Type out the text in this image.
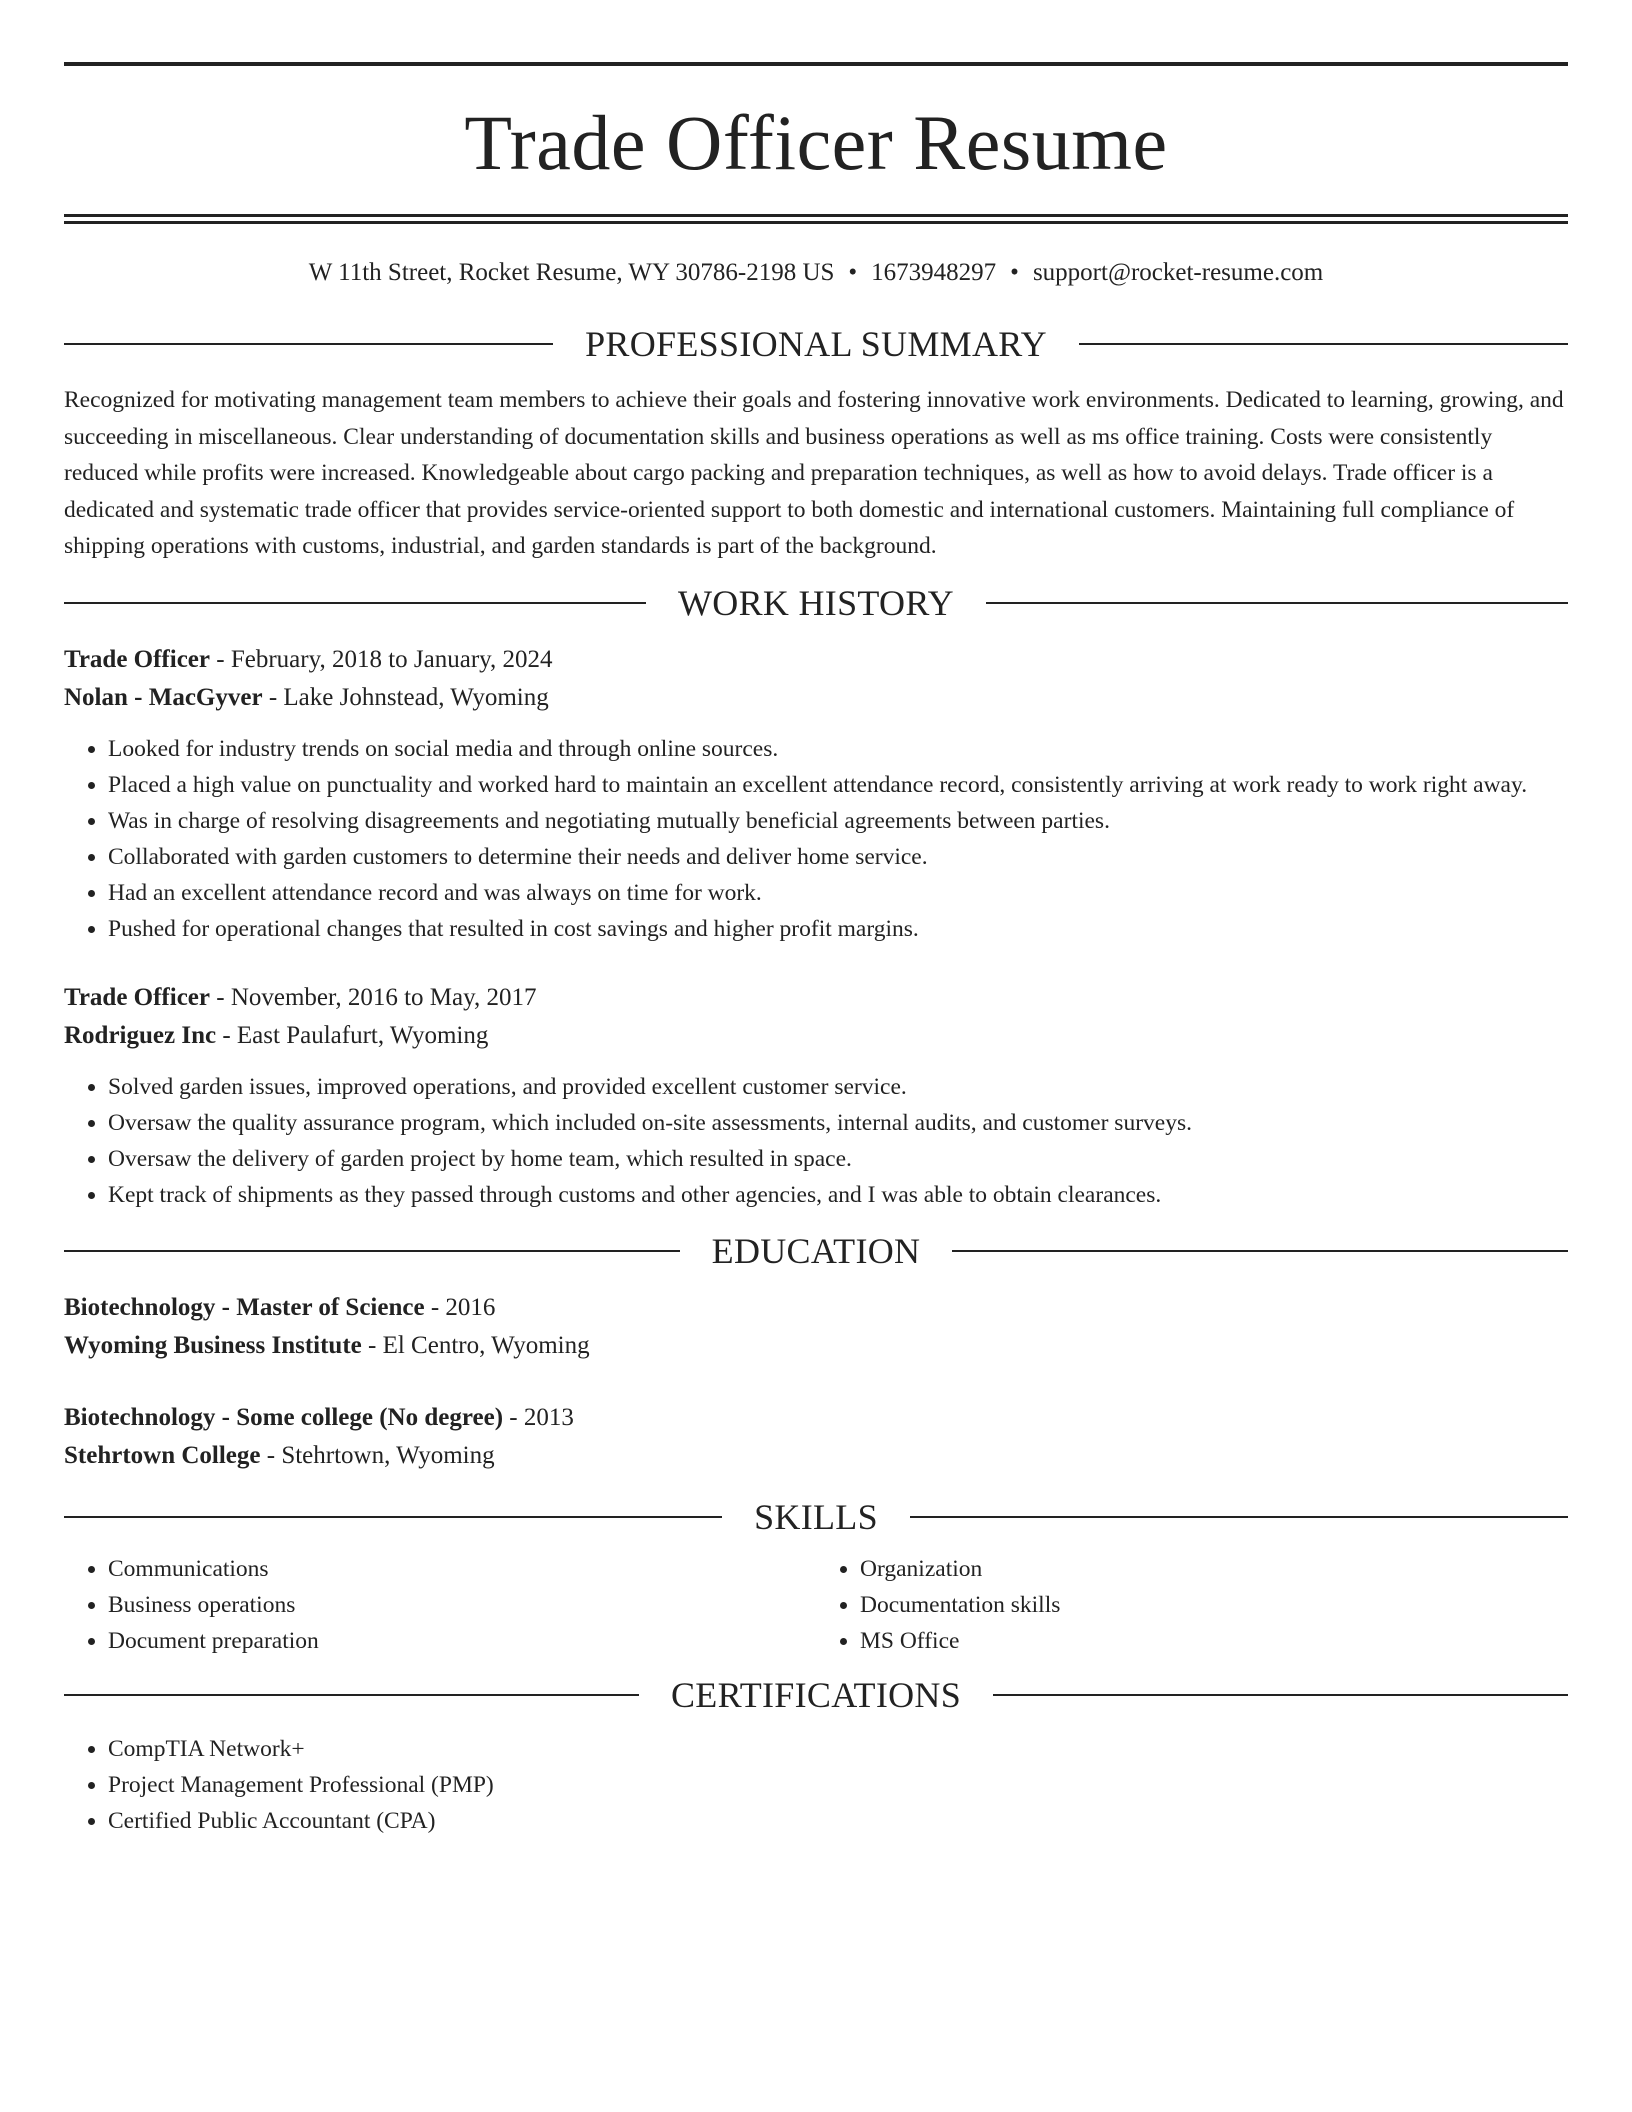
Trade Officer Resume
W 11th Street, Rocket Resume, WY 30786-2198 US • 1673948297 • support@rocket-resume.com
PROFESSIONAL SUMMARY

Recognized for motivating management team members to achieve their goals and fostering innovative work environments. Dedicated to learning, growing, and succeeding in miscellaneous. Clear understanding of documentation skills and business operations as well as ms office training. Costs were consistently reduced while profits were increased. Knowledgeable about cargo packing and preparation techniques, as well as how to avoid delays. Trade officer is a dedicated and systematic trade officer that provides service-oriented support to both domestic and international customers. Maintaining full compliance of shipping operations with customs, industrial, and garden standards is part of the background.

WORK HISTORY

Trade Officer - February, 2018 to January, 2024

Nolan - MacGyver - Lake Johnstead, Wyoming

• Looked for industry trends on social media and through online sources.
• Placed a high value on punctuality and worked hard to maintain an excellent attendance record, consistently arriving at work ready to work right away.
• Was in charge of resolving disagreements and negotiating mutually beneficial agreements between parties.
• Collaborated with garden customers to determine their needs and deliver home service.
• Had an excellent attendance record and was always on time for work.
• Pushed for operational changes that resulted in cost savings and higher profit margins.

Trade Officer - November, 2016 to May, 2017

Rodriguez Inc - East Paulafurt, Wyoming

• Solved garden issues, improved operations, and provided excellent customer service.
• Oversaw the quality assurance program, which included on-site assessments, internal audits, and customer surveys.
• Oversaw the delivery of garden project by home team, which resulted in space.
• Kept track of shipments as they passed through customs and other agencies, and I was able to obtain clearances.
EDUCATION

Biotechnology - Master of Science - 2016

Wyoming Business Institute - El Centro, Wyoming

Biotechnology - Some college (No degree) - 2013

Stehrtown College - Stehrtown, Wyoming

SKILLS
• Communications
• Business operations
• Document preparation
• Organization
• Documentation skills
• MS Office
CERTIFICATIONS
• CompTIA Network+
• Project Management Professional (PMP)
• Certified Public Accountant (CPA)
